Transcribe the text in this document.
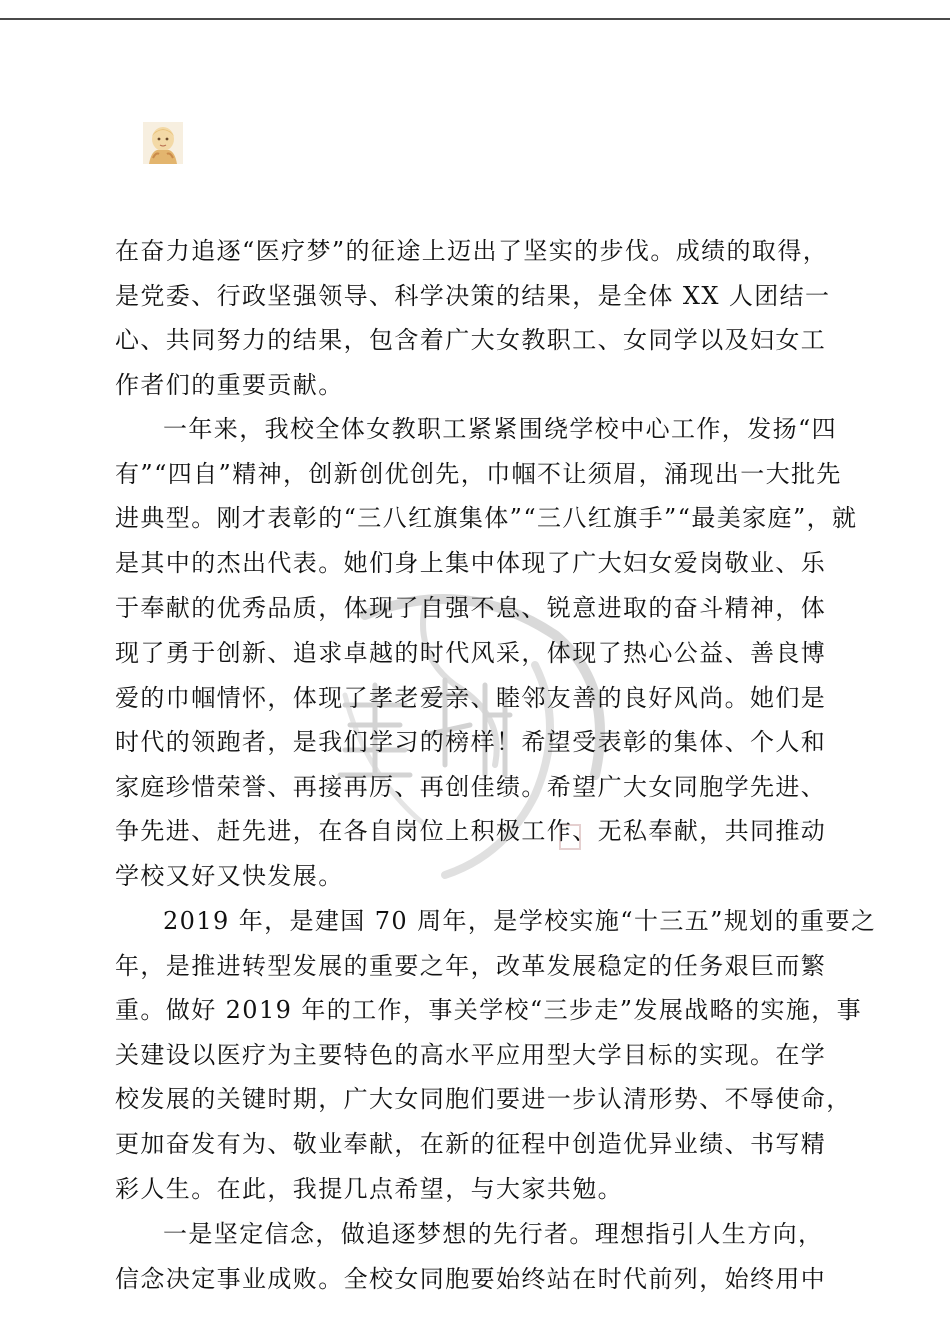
在奋力追逐“医疗梦”的征途上迈出了坚实的步伐。成绩的取得，
是党委、行政坚强领导、科学决策的结果，是全体 XX 人团结一
心、共同努力的结果，包含着广大女教职工、女同学以及妇女工
作者们的重要贡献。
一年来，我校全体女教职工紧紧围绕学校中心工作，发扬“四
有”“四自”精神，创新创优创先，巾帼不让须眉，涌现出一大批先
进典型。刚才表彰的“三八红旗集体”“三八红旗手”“最美家庭”，就
是其中的杰出代表。她们身上集中体现了广大妇女爱岗敬业、乐
于奉献的优秀品质，体现了自强不息、锐意进取的奋斗精神，体
现了勇于创新、追求卓越的时代风采，体现了热心公益、善良博
爱的巾帼情怀，体现了孝老爱亲、睦邻友善的良好风尚。她们是
时代的领跑者，是我们学习的榜样！希望受表彰的集体、个人和
家庭珍惜荣誉、再接再厉、再创佳绩。希望广大女同胞学先进、
争先进、赶先进，在各自岗位上积极工作、无私奉献，共同推动
学校又好又快发展。
2019 年，是建国 70 周年，是学校实施“十三五”规划的重要之
年，是推进转型发展的重要之年，改革发展稳定的任务艰巨而繁
重。做好 2019 年的工作，事关学校“三步走”发展战略的实施，事
关建设以医疗为主要特色的高水平应用型大学目标的实现。在学
校发展的关键时期，广大女同胞们要进一步认清形势、不辱使命，
更加奋发有为、敬业奉献，在新的征程中创造优异业绩、书写精
彩人生。在此，我提几点希望，与大家共勉。
一是坚定信念，做追逐梦想的先行者。理想指引人生方向，
信念决定事业成败。全校女同胞要始终站在时代前列，始终用中
